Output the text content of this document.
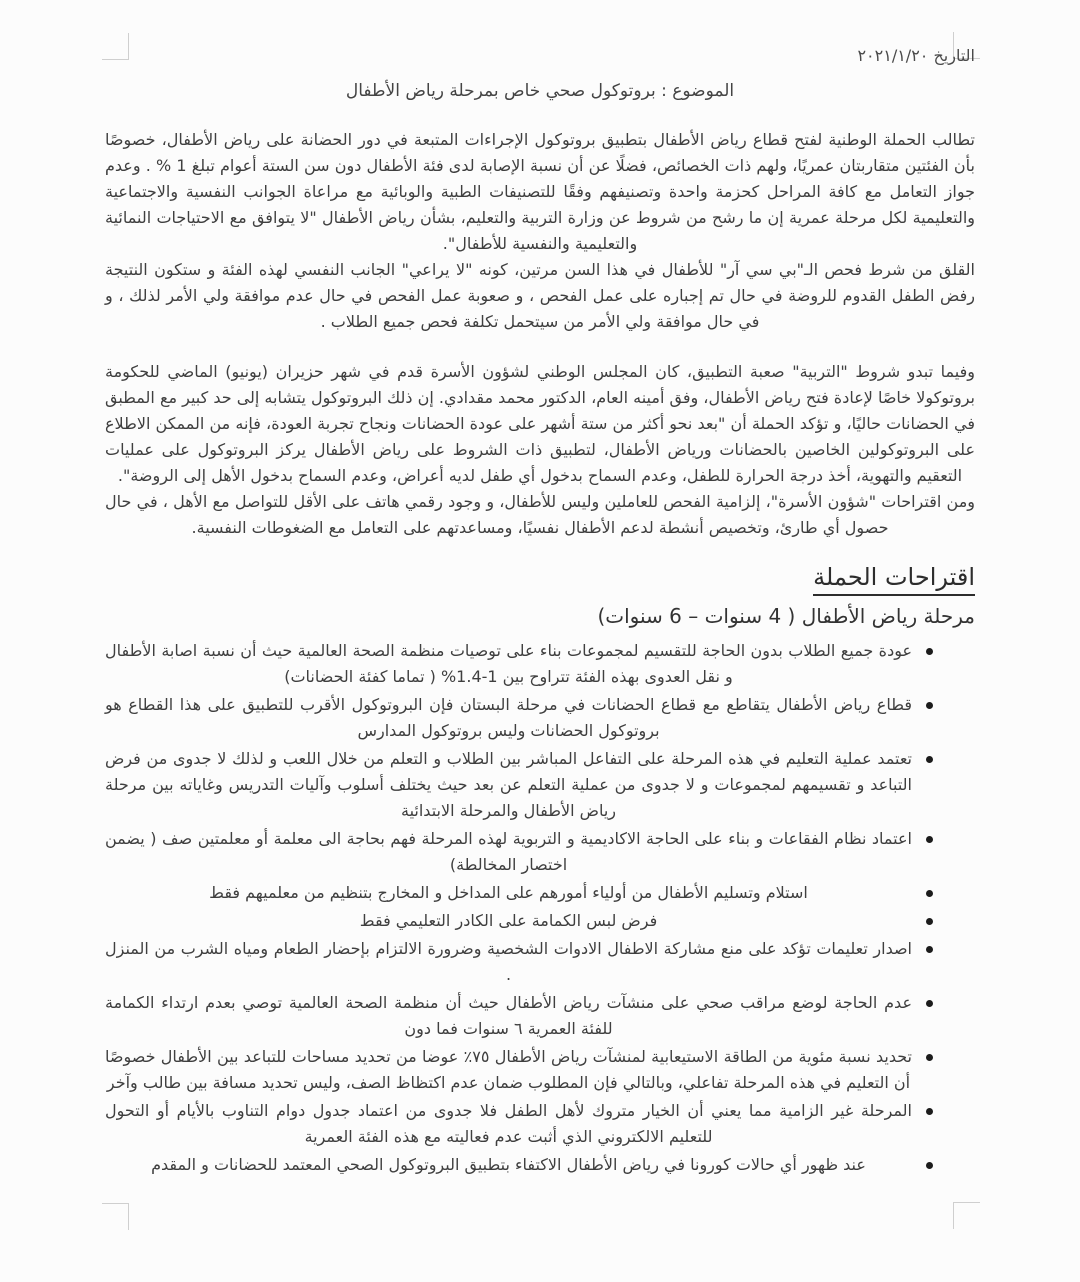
التاريخ ٢٠٢١/١/٢٠

الموضوع : بروتوكول صحي خاص بمرحلة رياض الأطفال

تطالب الحملة الوطنية لفتح قطاع رياض الأطفال بتطبيق بروتوكول الإجراءات المتبعة في دور الحضانة على رياض الأطفال، خصوصًا بأن الفئتين متقاربتان عمريًا، ولهم ذات الخصائص، فضلًا عن أن نسبة الإصابة لدى فئة الأطفال دون سن الستة أعوام تبلغ 1 % . وعدم جواز التعامل مع كافة المراحل كحزمة واحدة وتصنيفهم وفقًا للتصنيفات الطبية والوبائية مع مراعاة الجوانب النفسية والاجتماعية والتعليمية لكل مرحلة عمرية إن ما رشح من شروط عن وزارة التربية والتعليم، بشأن رياض الأطفال "لا يتوافق مع الاحتياجات النمائية والتعليمية والنفسية للأطفال".

القلق من شرط فحص الـ"بي سي آر" للأطفال في هذا السن مرتين، كونه "لا يراعي" الجانب النفسي لهذه الفئة و ستكون النتيجة رفض الطفل القدوم للروضة في حال تم إجباره على عمل الفحص ، و صعوبة عمل الفحص في حال عدم موافقة ولي الأمر لذلك ، و في حال موافقة ولي الأمر من سيتحمل تكلفة فحص جميع الطلاب .

وفيما تبدو شروط "التربية" صعبة التطبيق، كان المجلس الوطني لشؤون الأسرة قدم في شهر حزيران (يونيو) الماضي للحكومة بروتوكولا خاصًا لإعادة فتح رياض الأطفال، وفق أمينه العام، الدكتور محمد مقدادي. إن ذلك البروتوكول يتشابه إلى حد كبير مع المطبق في الحضانات حاليًا، و تؤكد الحملة أن "بعد نحو أكثر من ستة أشهر على عودة الحضانات ونجاح تجربة العودة، فإنه من الممكن الاطلاع على البروتوكولين الخاصين بالحضانات ورياض الأطفال، لتطبيق ذات الشروط على رياض الأطفال يركز البروتوكول على عمليات التعقيم والتهوية، أخذ درجة الحرارة للطفل، وعدم السماح بدخول أي طفل لديه أعراض، وعدم السماح بدخول الأهل إلى الروضة".

ومن اقتراحات "شؤون الأسرة"، إلزامية الفحص للعاملين وليس للأطفال، و وجود رقمي هاتف على الأقل للتواصل مع الأهل ، في حال حصول أي طارئ، وتخصيص أنشطة لدعم الأطفال نفسيًا، ومساعدتهم على التعامل مع الضغوطات النفسية.

اقتراحات الحملة

مرحلة رياض الأطفال ( 4 سنوات – 6 سنوات)

عودة جميع الطلاب بدون الحاجة للتقسيم لمجموعات بناء على توصيات منظمة الصحة العالمية حيث أن نسبة اصابة الأطفال و نقل العدوى بهذه الفئة تتراوح بين 1-1.4% ( تماما كفئة الحضانات)
قطاع رياض الأطفال يتقاطع مع قطاع الحضانات في مرحلة البستان فإن البروتوكول الأقرب للتطبيق على هذا القطاع هو بروتوكول الحضانات وليس بروتوكول المدارس
تعتمد عملية التعليم في هذه المرحلة على التفاعل المباشر بين الطلاب و التعلم من خلال اللعب و لذلك لا جدوى من فرض التباعد و تقسيمهم لمجموعات و لا جدوى من عملية التعلم عن بعد حيث يختلف أسلوب وآليات التدريس وغاياته بين مرحلة رياض الأطفال والمرحلة الابتدائية
اعتماد نظام الفقاعات و بناء على الحاجة الاكاديمية و التربوية لهذه المرحلة فهم بحاجة الى معلمة أو معلمتين صف ( يضمن اختصار المخالطة)
استلام وتسليم الأطفال من أولياء أمورهم على المداخل و المخارج بتنظيم من معلميهم فقط
فرض لبس الكمامة على الكادر التعليمي فقط
اصدار تعليمات تؤكد على منع مشاركة الاطفال الادوات الشخصية وضرورة الالتزام بإحضار الطعام ومياه الشرب من المنزل .
عدم الحاجة لوضع مراقب صحي على منشآت رياض الأطفال حيث أن منظمة الصحة العالمية توصي بعدم ارتداء الكمامة للفئة العمرية ٦ سنوات فما دون
تحديد نسبة مئوية من الطاقة الاستيعابية لمنشآت رياض الأطفال ٧٥٪ عوضا من تحديد مساحات للتباعد بين الأطفال خصوصًا أن التعليم في هذه المرحلة تفاعلي، وبالتالي فإن المطلوب ضمان عدم اكتظاظ الصف، وليس تحديد مسافة بين طالب وآخر
المرحلة غير الزامية مما يعني أن الخيار متروك لأهل الطفل فلا جدوى من اعتماد جدول دوام التناوب بالأيام أو التحول للتعليم الالكتروني الذي أثبت عدم فعاليته مع هذه الفئة العمرية
عند ظهور أي حالات كورونا في رياض الأطفال الاكتفاء بتطبيق البروتوكول الصحي المعتمد للحضانات و المقدم
